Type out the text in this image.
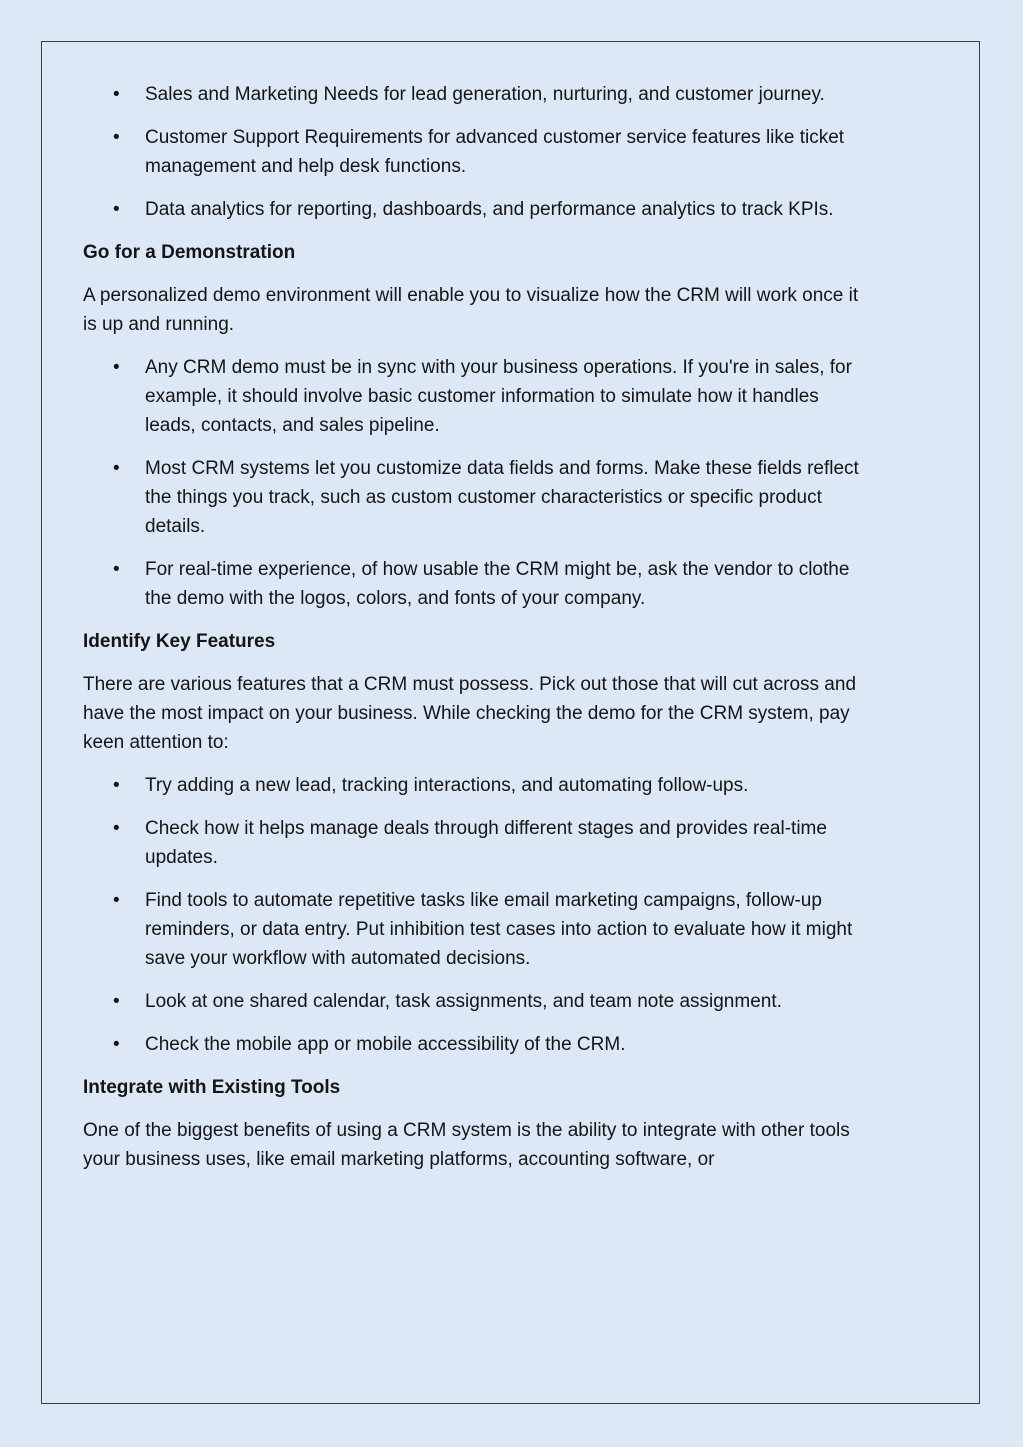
• Sales and Marketing Needs for lead generation, nurturing, and customer journey.
• Customer Support Requirements for advanced customer service features like ticket management and help desk functions.
• Data analytics for reporting, dashboards, and performance analytics to track KPIs.
Go for a Demonstration

A personalized demo environment will enable you to visualize how the CRM will work once it is up and running.

• Any CRM demo must be in sync with your business operations. If you're in sales, for example, it should involve basic customer information to simulate how it handles leads, contacts, and sales pipeline.
• Most CRM systems let you customize data fields and forms. Make these fields reflect the things you track, such as custom customer characteristics or specific product details.
• For real-time experience, of how usable the CRM might be, ask the vendor to clothe the demo with the logos, colors, and fonts of your company.
Identify Key Features

There are various features that a CRM must possess. Pick out those that will cut across and have the most impact on your business. While checking the demo for the CRM system, pay keen attention to:

• Try adding a new lead, tracking interactions, and automating follow-ups.
• Check how it helps manage deals through different stages and provides real-time updates.
• Find tools to automate repetitive tasks like email marketing campaigns, follow-up reminders, or data entry. Put inhibition test cases into action to evaluate how it might save your workflow with automated decisions.
• Look at one shared calendar, task assignments, and team note assignment.
• Check the mobile app or mobile accessibility of the CRM.
Integrate with Existing Tools

One of the biggest benefits of using a CRM system is the ability to integrate with other tools your business uses, like email marketing platforms, accounting software, or
